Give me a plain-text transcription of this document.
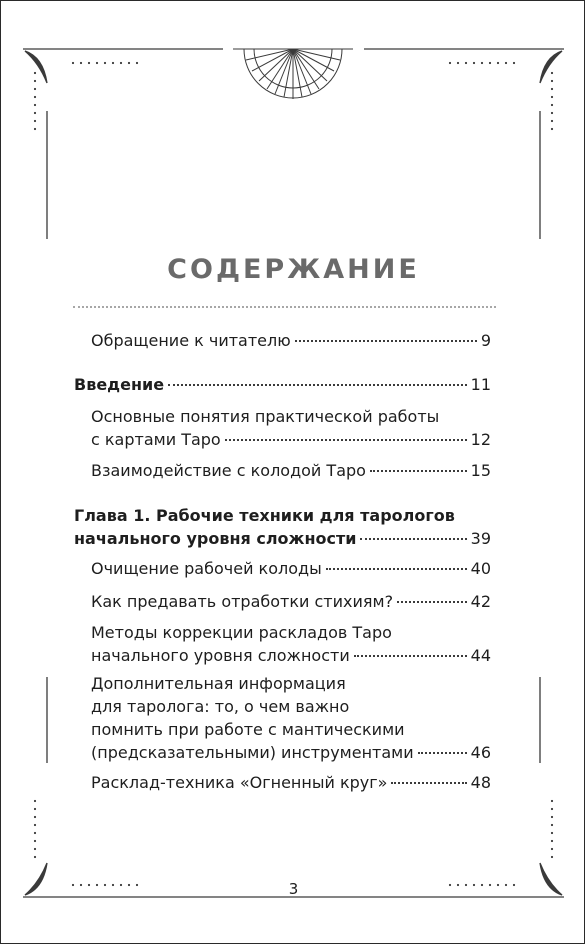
СОДЕРЖАНИЕ
Обращение к читателю	9
Введение	11
Основные понятия практической работы
с картами Таро	12
Взаимодействие с колодой Таро	15
Глава 1. Рабочие техники для тарологов
начального уровня сложности	39
Очищение рабочей колоды	40
Как предавать отработки стихиям?	42
Методы коррекции раскладов Таро
начального уровня сложности	44
Дополнительная информация
для таролога: то, о чем важно
помнить при работе с мантическими
(предсказательными) инструментами	46
Расклад-техника «Огненный круг»	48
3
